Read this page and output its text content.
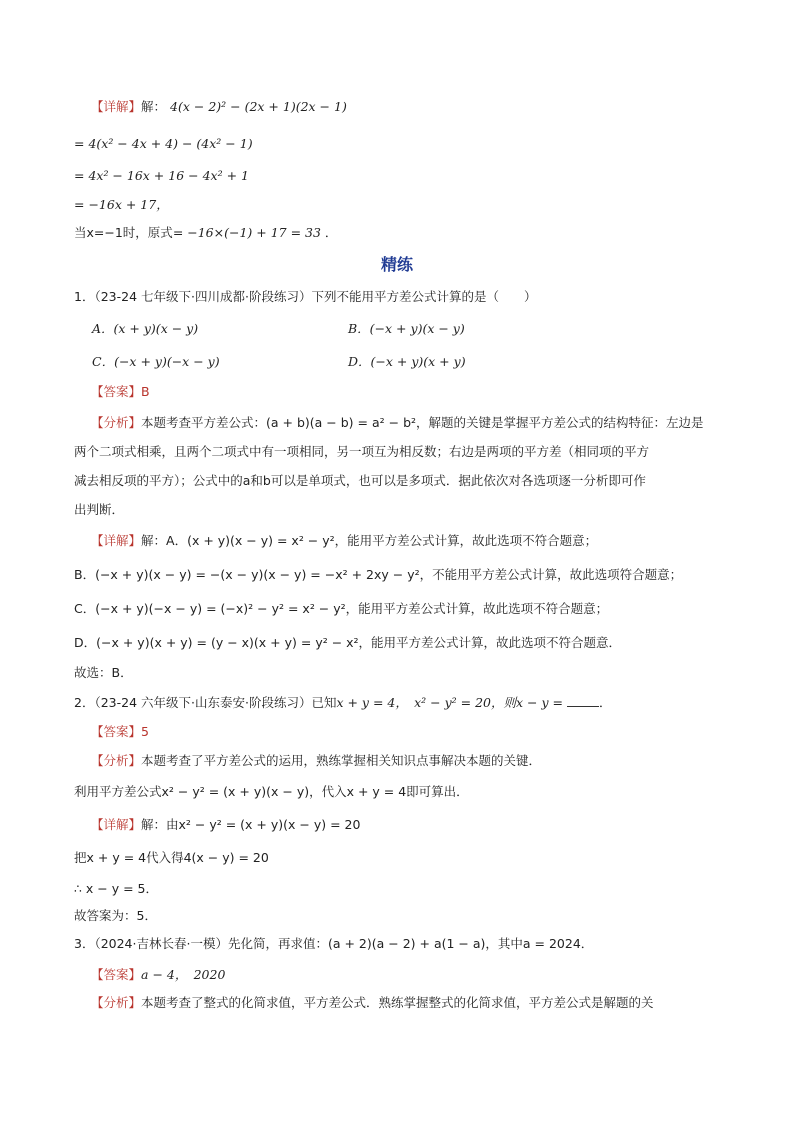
【详解】解： 4(x − 2)² − (2x + 1)(2x − 1)
= 4(x² − 4x + 4) − (4x² − 1)
= 4x² − 16x + 16 − 4x² + 1
= −16x + 17，
当x=−1时，原式= −16×(−1) + 17 = 33 ．
精练
1．（23-24 七年级下·四川成都·阶段练习）下列不能用平方差公式计算的是（　　）
A．(x + y)(x − y)	B．(−x + y)(x − y)
C．(−x + y)(−x − y)	D．(−x + y)(x + y)
【答案】B
【分析】本题考查平方差公式：(a + b)(a − b) = a² − b²，解题的关键是掌握平方差公式的结构特征：左边是
两个二项式相乘，且两个二项式中有一项相同，另一项互为相反数；右边是两项的平方差（相同项的平方
减去相反项的平方）；公式中的a和b可以是单项式，也可以是多项式．据此依次对各选项逐一分析即可作
出判断．
【详解】解：A．(x + y)(x − y) = x² − y²，能用平方差公式计算，故此选项不符合题意；
B．(−x + y)(x − y) = −(x − y)(x − y) = −x² + 2xy − y²，不能用平方差公式计算，故此选项符合题意；
C．(−x + y)(−x − y) = (−x)² − y² = x² − y²，能用平方差公式计算，故此选项不符合题意；
D．(−x + y)(x + y) = (y − x)(x + y) = y² − x²，能用平方差公式计算，故此选项不符合题意．
故选：B．
2．（23-24 六年级下·山东泰安·阶段练习）已知x + y = 4，　x² − y² = 20，则x − y =	．
【答案】5
【分析】本题考查了平方差公式的运用，熟练掌握相关知识点事解决本题的关键．
利用平方差公式x² − y² = (x + y)(x − y)，代入x + y = 4即可算出．
【详解】解：由x² − y² = (x + y)(x − y) = 20
把x + y = 4代入得4(x − y) = 20
∴ x − y = 5．
故答案为：5．
3．（2024·吉林长春·一模）先化简，再求值：(a + 2)(a − 2) + a(1 − a)，其中a = 2024．
【答案】a − 4，　2020
【分析】本题考查了整式的化简求值，平方差公式．熟练掌握整式的化简求值，平方差公式是解题的关
